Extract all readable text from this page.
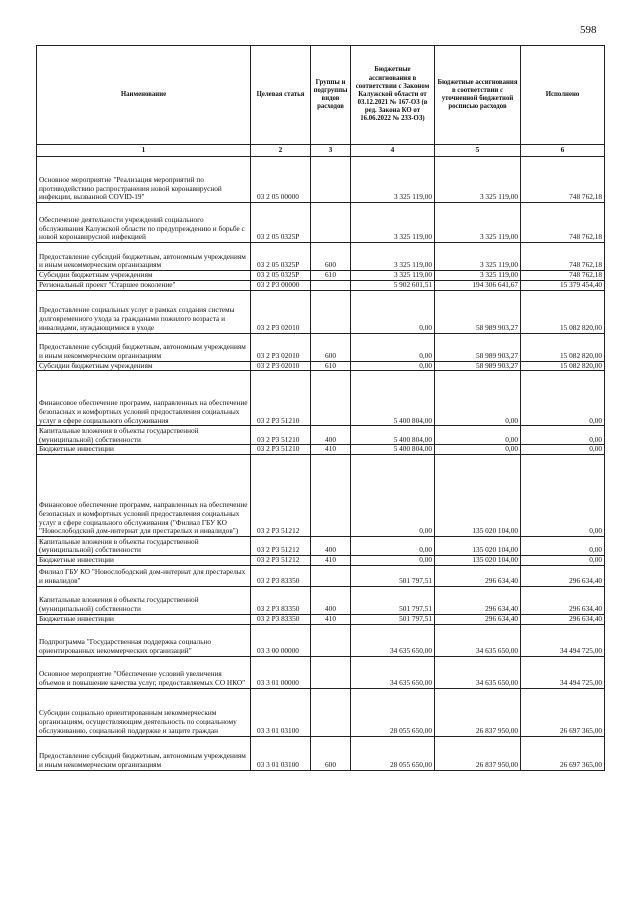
598
Наименование	Целевая статья	Группы и подгруппы видов расходов	Бюджетные ассигнования в соответствии с Законом Калужской области от 03.12.2021 № 167-ОЗ (в ред. Закона КО от 16.06.2022 № 233-ОЗ)	Бюджетные ассигнования в соответствии с уточненной бюджетной росписью расходов	Исполнено
1	2	3	4	5	6
Основное мероприятие "Реализация мероприятий по противодействию распространения новой коронавирусной инфекции, вызванной COVID-19"	03 2 05 00000		3 325 119,00	3 325 119,00	748 762,18
Обеспечение деятельности учреждений социального обслуживания Калужской области по предупреждению и борьбе с новой коронавирусной инфекцией	03 2 05 0325Р		3 325 119,00	3 325 119,00	748 762,18
Предоставление субсидий бюджетным, автономным учреждениям и иным некоммерческим организациям	03 2 05 0325Р	600	3 325 119,00	3 325 119,00	748 762,18
Субсидии бюджетным учреждениям	03 2 05 0325Р	610	3 325 119,00	3 325 119,00	748 762,18
Региональный проект "Старшее поколение"	03 2 P3 00000		5 902 601,51	194 306 641,67	15 379 454,40
Предоставление социальных услуг в рамках создания системы долговременного ухода за гражданами пожилого возраста и инвалидами, нуждающимися в уходе	03 2 P3 02010		0,00	58 989 903,27	15 082 820,00
Предоставление субсидий бюджетным, автономным учреждениям и иным некоммерческим организациям	03 2 P3 02010	600	0,00	58 989 903,27	15 082 820,00
Субсидии бюджетным учреждениям	03 2 P3 02010	610	0,00	58 989 903,27	15 082 820,00
Финансовое обеспечение программ, направленных на обеспечение безопасных и комфортных условий предоставления социальных услуг в сфере социального обслуживания	03 2 P3 51210		5 400 804,00	0,00	0,00
Капитальные вложения в объекты государственной (муниципальной) собственности	03 2 P3 51210	400	5 400 804,00	0,00	0,00
Бюджетные инвестиции	03 2 P3 51210	410	5 400 804,00	0,00	0,00
Финансовое обеспечение программ, направленных на обеспечение безопасных и комфортных условий предоставления социальных услуг в сфере социального обслуживания ("Филиал ГБУ КО "Новослободский дом-интернат для престарелых и инвалидов")	03 2 P3 51212		0,00	135 020 104,00	0,00
Капитальные вложения в объекты государственной (муниципальной) собственности	03 2 P3 51212	400	0,00	135 020 104,00	0,00
Бюджетные инвестиции	03 2 P3 51212	410	0,00	135 020 104,00	0,00
Филиал ГБУ КО "Новослободский дом-интернат для престарелых и инвалидов"	03 2 P3 83350		501 797,51	296 634,40	296 634,40
Капитальные вложения в объекты государственной (муниципальной) собственности	03 2 P3 83350	400	501 797,51	296 634,40	296 634,40
Бюджетные инвестиции	03 2 P3 83350	410	501 797,51	296 634,40	296 634,40
Подпрограмма "Государственная поддержка социально ориентированных некоммерческих организаций"	03 3 00 00000		34 635 650,00	34 635 650,00	34 494 725,00
Основное мероприятие "Обеспечение условий увеличения объемов и повышение качества услуг, предоставляемых СО НКО"	03 3 01 00000		34 635 650,00	34 635 650,00	34 494 725,00
Субсидии социально ориентированным некоммерческим организациям, осуществляющим деятельность по социальному обслуживанию, социальной поддержке и защите граждан	03 3 01 03100		28 055 650,00	26 837 950,00	26 697 365,00
Предоставление субсидий бюджетным, автономным учреждениям и иным некоммерческим организациям	03 3 01 03100	600	28 055 650,00	26 837 950,00	26 697 365,00
